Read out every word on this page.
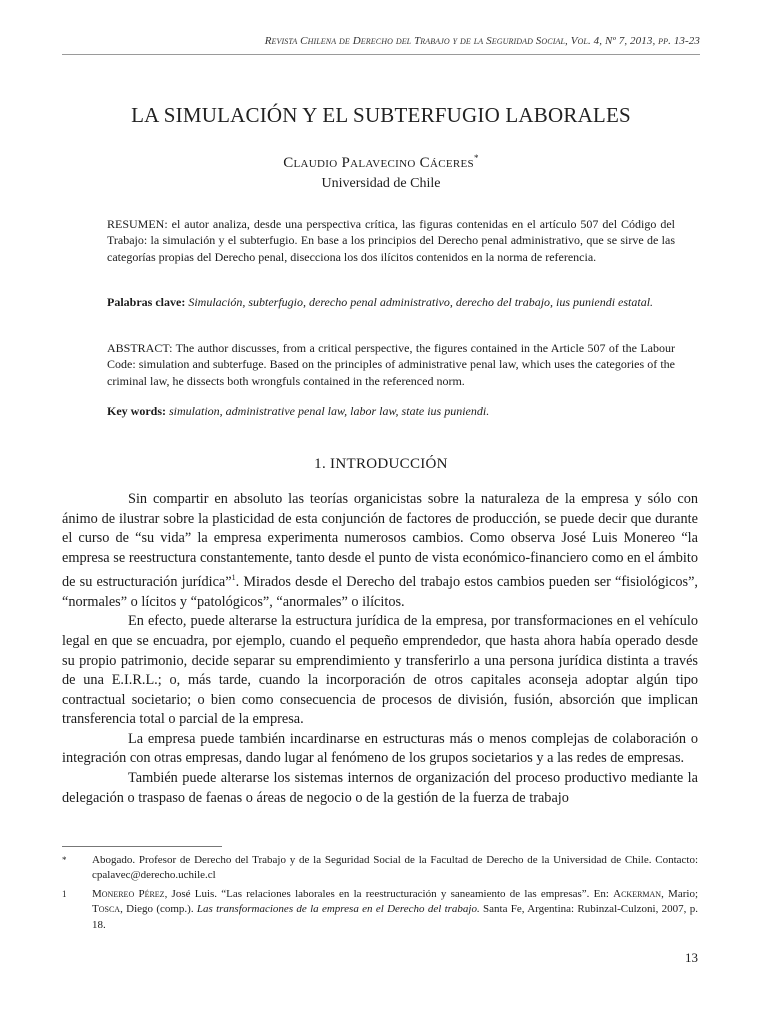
Revista Chilena de Derecho del Trabajo y de la Seguridad Social, Vol. 4, Nº 7, 2013, pp. 13-23
LA SIMULACIÓN Y EL SUBTERFUGIO LABORALES
Claudio Palavecino Cáceres*
Universidad de Chile
RESUMEN: el autor analiza, desde una perspectiva crítica, las figuras contenidas en el artículo 507 del Código del Trabajo: la simulación y el subterfugio. En base a los principios del Derecho penal administrativo, que se sirve de las categorías propias del Derecho penal, disecciona los dos ilícitos contenidos en la norma de referencia.
Palabras clave: Simulación, subterfugio, derecho penal administrativo, derecho del trabajo, ius puniendi estatal.
ABSTRACT: The author discusses, from a critical perspective, the figures contained in the Article 507 of the Labour Code: simulation and subterfuge. Based on the principles of administrative penal law, which uses the categories of the criminal law, he dissects both wrongfuls contained in the referenced norm.
Key words: simulation, administrative penal law, labor law, state ius puniendi.
1. INTRODUCCIÓN

Sin compartir en absoluto las teorías organicistas sobre la naturaleza de la empresa y sólo con ánimo de ilustrar sobre la plasticidad de esta conjunción de factores de producción, se puede decir que durante el curso de “su vida” la empresa experimenta numerosos cambios. Como observa José Luis Monereo “la empresa se reestructura constantemente, tanto desde el punto de vista económico-financiero como en el ámbito de su estructuración jurídica”$^1$. Mirados desde el Derecho del trabajo estos cambios pueden ser “fisiológicos”, “normales” o lícitos y “patológicos”, “anormales” o ilícitos.

En efecto, puede alterarse la estructura jurídica de la empresa, por transformaciones en el vehículo legal en que se encuadra, por ejemplo, cuando el pequeño emprendedor, que hasta ahora había operado desde su propio patrimonio, decide separar su emprendimiento y transferirlo a una persona jurídica distinta a través de una E.I.R.L.; o, más tarde, cuando la incorporación de otros capitales aconseja adoptar algún tipo contractual societario; o bien como consecuencia de procesos de división, fusión, absorción que implican transferencia total o parcial de la empresa.

La empresa puede también incardinarse en estructuras más o menos complejas de colaboración o integración con otras empresas, dando lugar al fenómeno de los grupos societarios y a las redes de empresas.

También puede alterarse los sistemas internos de organización del proceso productivo mediante la delegación o traspaso de faenas o áreas de negocio o de la gestión de la fuerza de trabajo

* Abogado. Profesor de Derecho del Trabajo y de la Seguridad Social de la Facultad de Derecho de la Universidad de Chile. Contacto: cpalavec@derecho.uchile.cl
1 Monereo Pérez, José Luis. “Las relaciones laborales en la reestructuración y saneamiento de las empresas”. En: Ackerman, Mario; Tosca, Diego (comp.). Las transformaciones de la empresa en el Derecho del trabajo. Santa Fe, Argentina: Rubinzal-Culzoni, 2007, p. 18.
13
